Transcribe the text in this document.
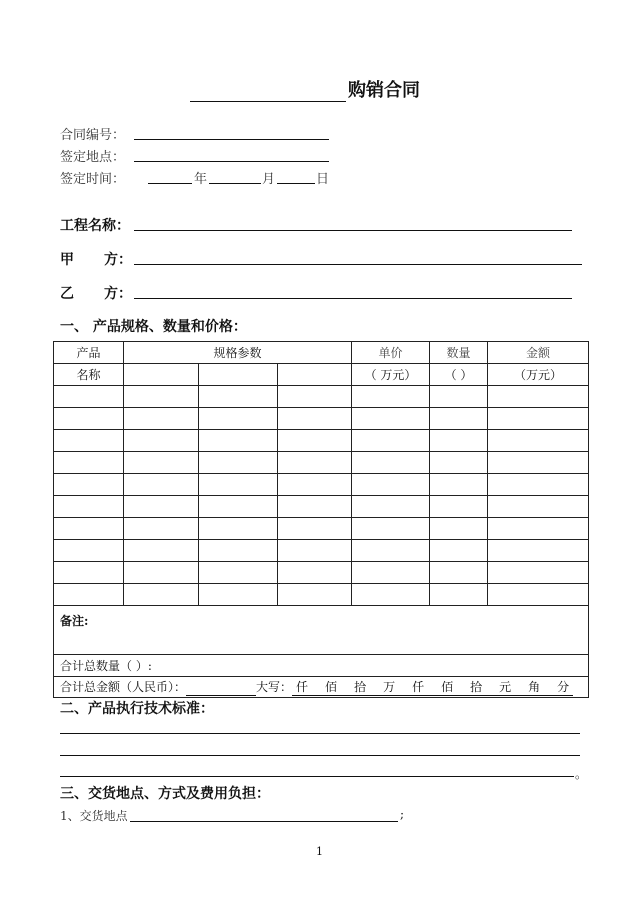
购销合同
合同编号：
签定地点：
签定时间：	年	月	日
工程名称：
甲 方：
乙 方：
一、 产品规格、数量和价格：
产品	规格参数			单价	数量	金额
名称				（ 万元）	（ ）	（万元）

备注:						
合计总数量（ ）:						
合计总金额（人民币）： 大写： 仟 佰 拾 万 仟 佰 拾 元 角 分						
二、产品执行技术标准：
。
三、交货地点、方式及费用负担：
1、交货地点	;
1
